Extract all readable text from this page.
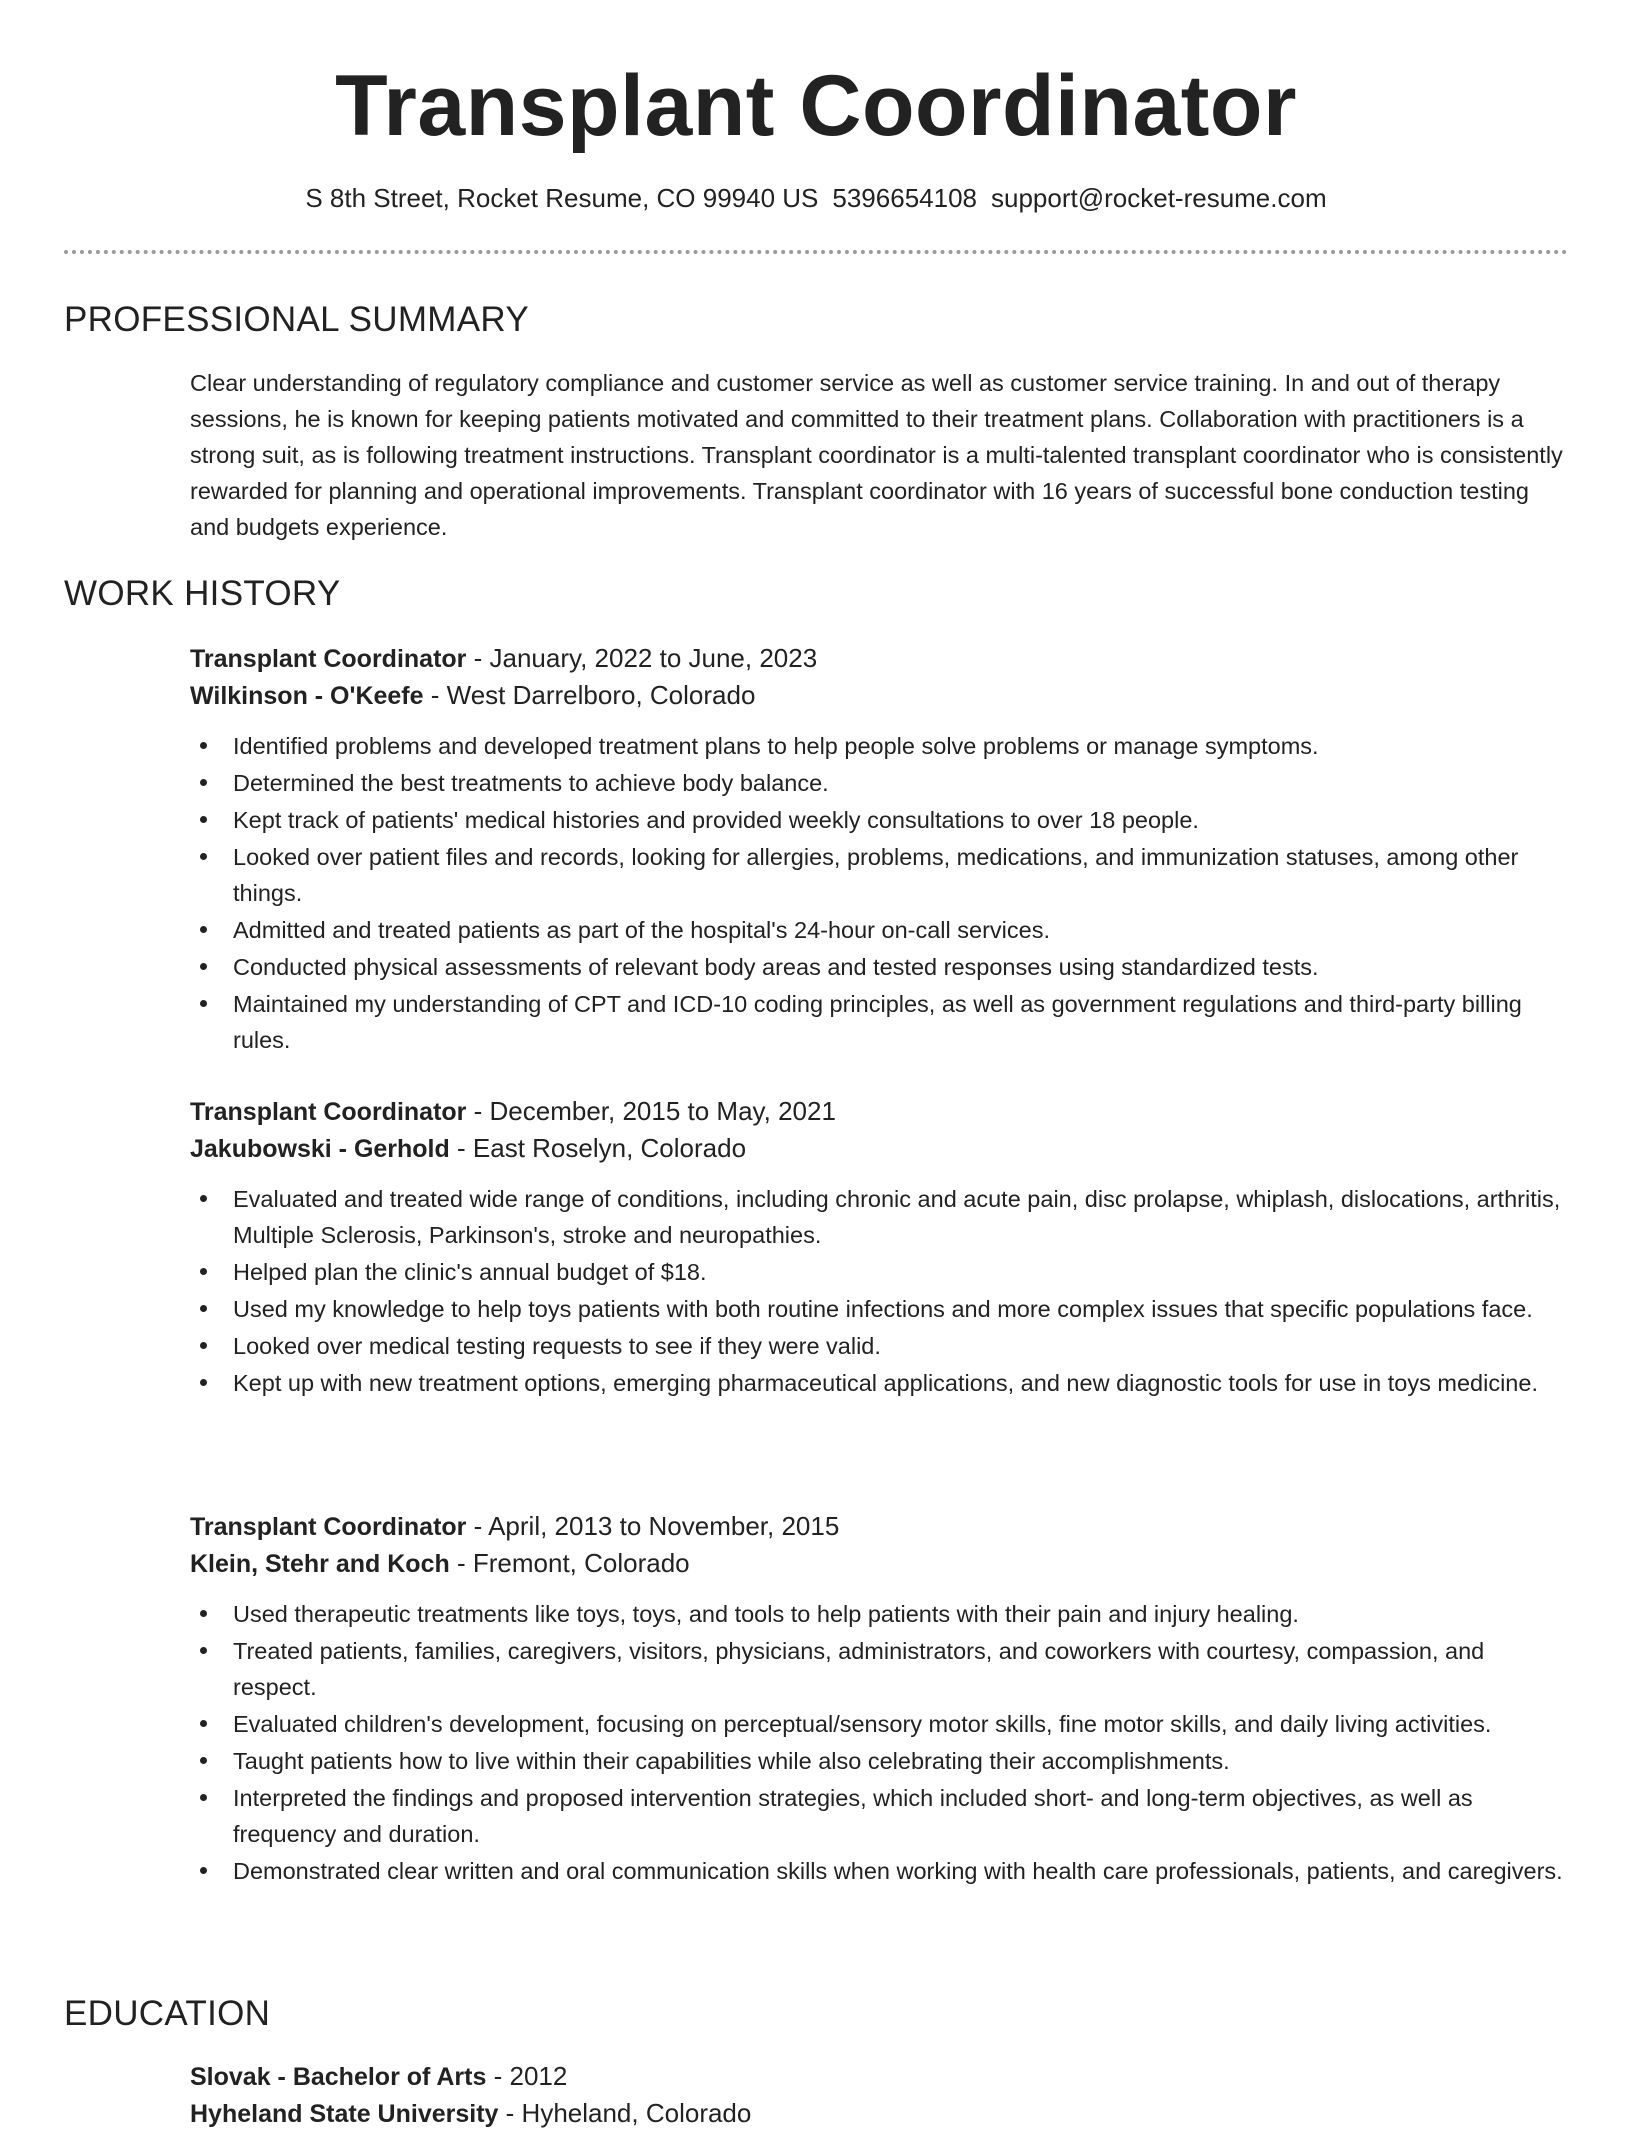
Transplant Coordinator
S 8th Street, Rocket Resume, CO 99940 US 5396654108 support@rocket-resume.com
PROFESSIONAL SUMMARY

Clear understanding of regulatory compliance and customer service as well as customer service training. In and out of therapy sessions, he is known for keeping patients motivated and committed to their treatment plans. Collaboration with practitioners is a strong suit, as is following treatment instructions. Transplant coordinator is a multi-talented transplant coordinator who is consistently rewarded for planning and operational improvements. Transplant coordinator with 16 years of successful bone conduction testing and budgets experience.

WORK HISTORY

Transplant Coordinator - January, 2022 to June, 2023

Wilkinson - O'Keefe - West Darrelboro, Colorado

Identified problems and developed treatment plans to help people solve problems or manage symptoms.
Determined the best treatments to achieve body balance.
Kept track of patients' medical histories and provided weekly consultations to over 18 people.
Looked over patient files and records, looking for allergies, problems, medications, and immunization statuses, among other things.
Admitted and treated patients as part of the hospital's 24-hour on-call services.
Conducted physical assessments of relevant body areas and tested responses using standardized tests.
Maintained my understanding of CPT and ICD-10 coding principles, as well as government regulations and third-party billing rules.

Transplant Coordinator - December, 2015 to May, 2021

Jakubowski - Gerhold - East Roselyn, Colorado

Evaluated and treated wide range of conditions, including chronic and acute pain, disc prolapse, whiplash, dislocations, arthritis, Multiple Sclerosis, Parkinson's, stroke and neuropathies.
Helped plan the clinic's annual budget of $18.
Used my knowledge to help toys patients with both routine infections and more complex issues that specific populations face.
Looked over medical testing requests to see if they were valid.
Kept up with new treatment options, emerging pharmaceutical applications, and new diagnostic tools for use in toys medicine.

Transplant Coordinator - April, 2013 to November, 2015

Klein, Stehr and Koch - Fremont, Colorado

Used therapeutic treatments like toys, toys, and tools to help patients with their pain and injury healing.
Treated patients, families, caregivers, visitors, physicians, administrators, and coworkers with courtesy, compassion, and respect.
Evaluated children's development, focusing on perceptual/sensory motor skills, fine motor skills, and daily living activities.
Taught patients how to live within their capabilities while also celebrating their accomplishments.
Interpreted the findings and proposed intervention strategies, which included short- and long-term objectives, as well as frequency and duration.
Demonstrated clear written and oral communication skills when working with health care professionals, patients, and caregivers.
EDUCATION

Slovak - Bachelor of Arts - 2012

Hyheland State University - Hyheland, Colorado
